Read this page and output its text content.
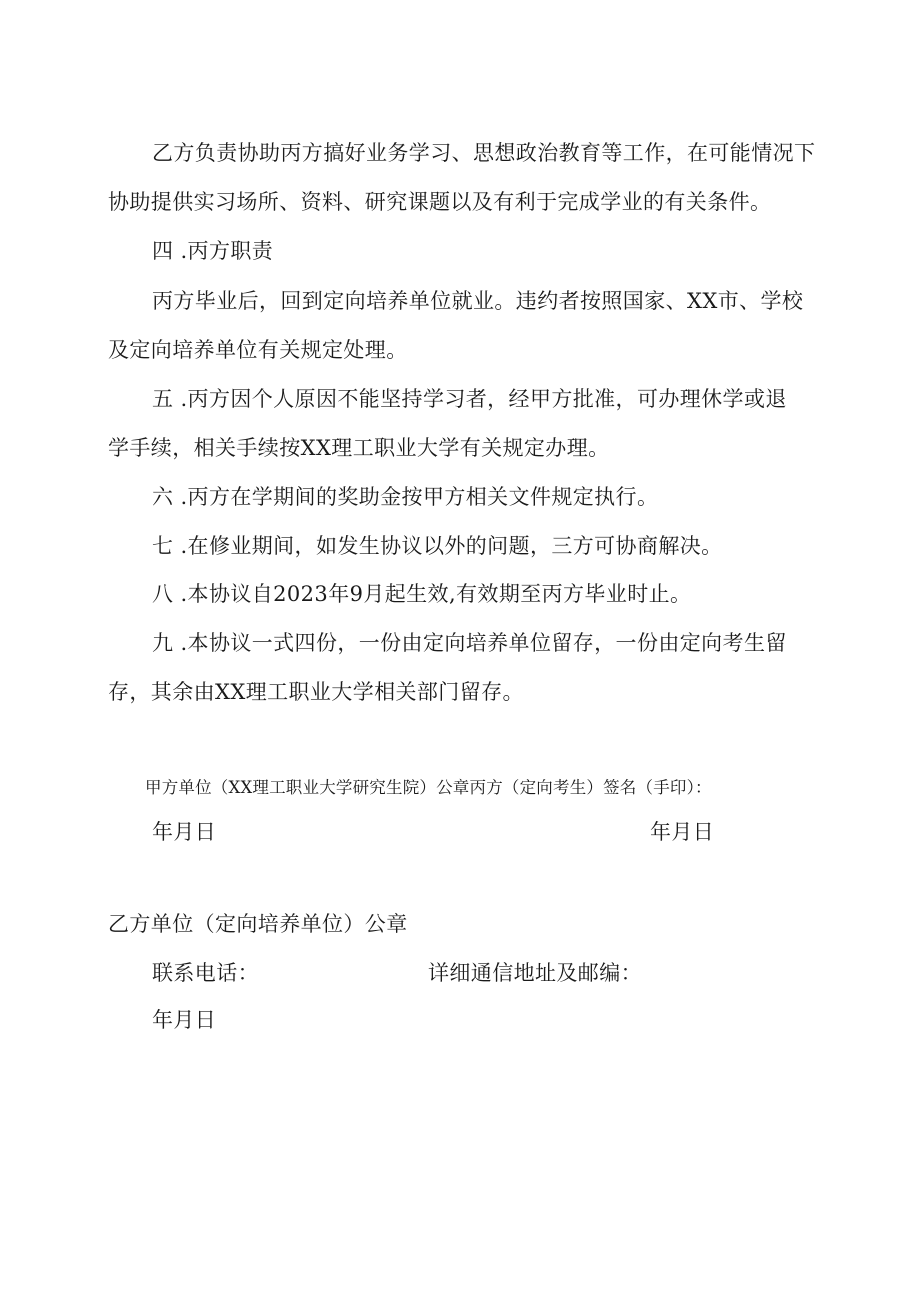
乙方负责协助丙方搞好业务学习、思想政治教育等工作，在可能情况下
协助提供实习场所、资料、研究课题以及有利于完成学业的有关条件。
四 .丙方职责
丙方毕业后，回到定向培养单位就业。违约者按照国家、XX市、学校
及定向培养单位有关规定处理。
五 .丙方因个人原因不能坚持学习者，经甲方批准，可办理休学或退
学手续，相关手续按XX理工职业大学有关规定办理。
六 .丙方在学期间的奖助金按甲方相关文件规定执行。
七 .在修业期间，如发生协议以外的问题，三方可协商解决。
八 .本协议自2023年9月起生效,有效期至丙方毕业时止。
九 .本协议一式四份，一份由定向培养单位留存，一份由定向考生留
存，其余由XX理工职业大学相关部门留存。
甲方单位（XX理工职业大学研究生院）公章丙方（定向考生）签名（手印）：
年月日	年月日
乙方单位（定向培养单位）公章
联系电话：	详细通信地址及邮编：
年月日
